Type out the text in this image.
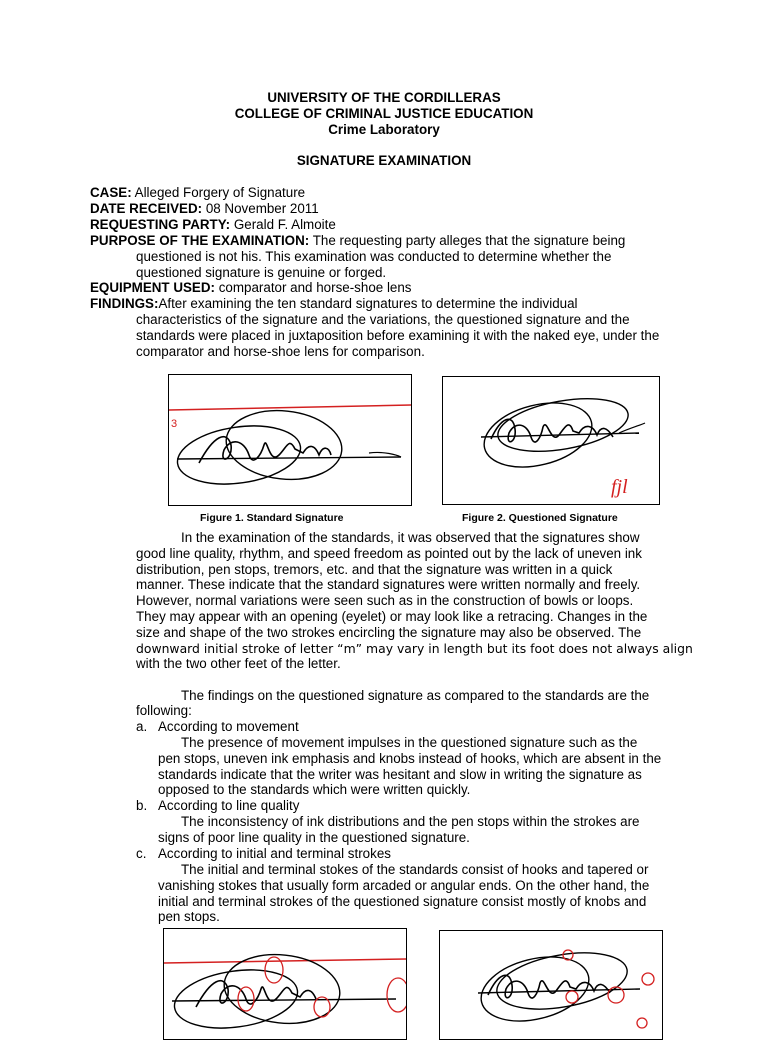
UNIVERSITY OF THE CORDILLERAS
COLLEGE OF CRIMINAL JUSTICE EDUCATION
Crime Laboratory
SIGNATURE EXAMINATION
CASE: Alleged Forgery of Signature
DATE RECEIVED: 08 November 2011
REQUESTING PARTY: Gerald F. Almoite
PURPOSE OF THE EXAMINATION: The requesting party alleges that the signature being
questioned is not his. This examination was conducted to determine whether the
questioned signature is genuine or forged.
EQUIPMENT USED: comparator and horse-shoe lens
FINDINGS:After examining the ten standard signatures to determine the individual
characteristics of the signature and the variations, the questioned signature and the
standards were placed in juxtaposition before examining it with the naked eye, under the
comparator and horse-shoe lens for comparison.
3
Figure 1. Standard Signature
fjl
Figure 2. Questioned Signature
In the examination of the standards, it was observed that the signatures show
good line quality, rhythm, and speed freedom as pointed out by the lack of uneven ink
distribution, pen stops, tremors, etc. and that the signature was written in a quick
manner. These indicate that the standard signatures were written normally and freely.
However, normal variations were seen such as in the construction of bowls or loops.
They may appear with an opening (eyelet) or may look like a retracing. Changes in the
size and shape of the two strokes encircling the signature may also be observed. The
downward initial stroke of letter “m” may vary in length but its foot does not always align
with the two other feet of the letter.
The findings on the questioned signature as compared to the standards are the
following:
a. According to movement
The presence of movement impulses in the questioned signature such as the
pen stops, uneven ink emphasis and knobs instead of hooks, which are absent in the
standards indicate that the writer was hesitant and slow in writing the signature as
opposed to the standards which were written quickly.
b. According to line quality
The inconsistency of ink distributions and the pen stops within the strokes are
signs of poor line quality in the questioned signature.
c. According to initial and terminal strokes
The initial and terminal stokes of the standards consist of hooks and tapered or
vanishing stokes that usually form arcaded or angular ends. On the other hand, the
initial and terminal strokes of the questioned signature consist mostly of knobs and
pen stops.
